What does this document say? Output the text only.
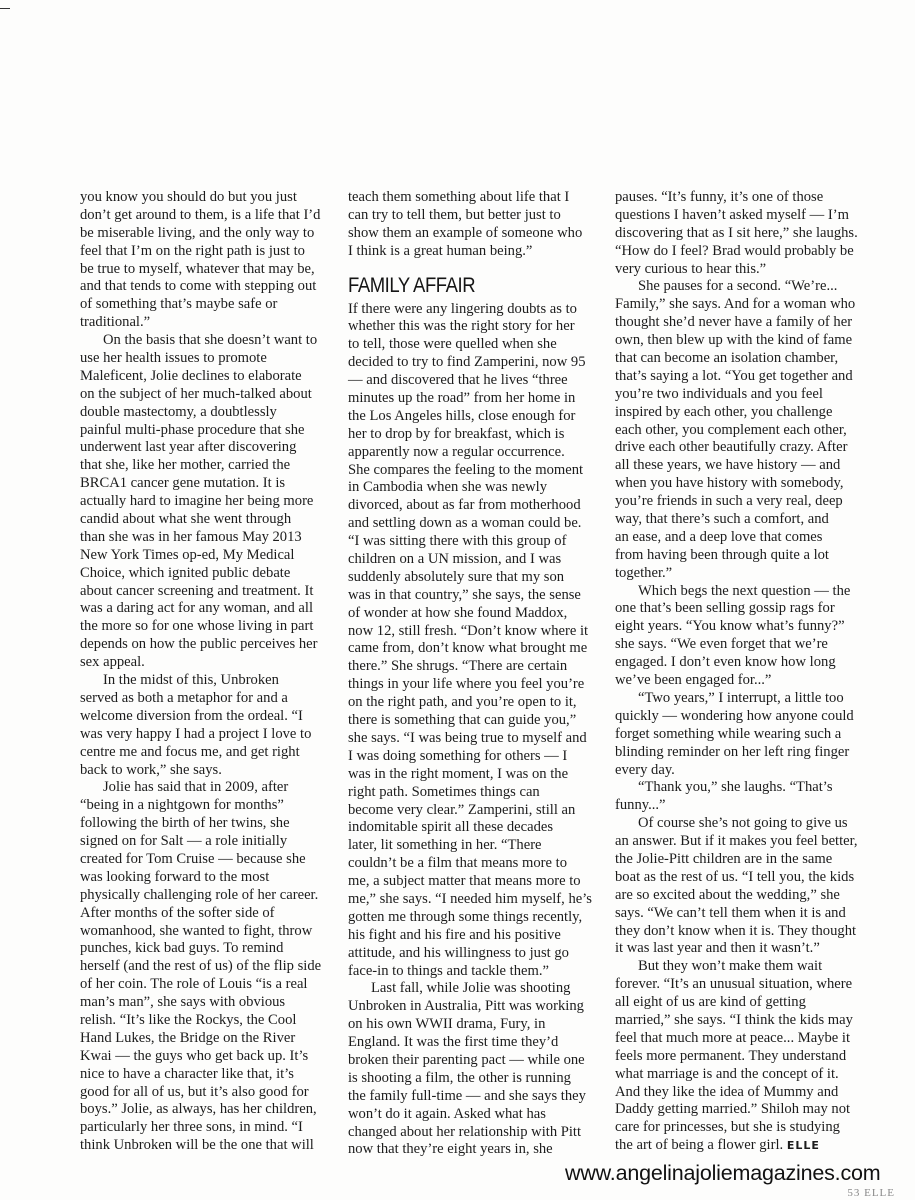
you know you should do but you just
don’t get around to them, is a life that I’d
be miserable living, and the only way to
feel that I’m on the right path is just to
be true to myself, whatever that may be,
and that tends to come with stepping out
of something that’s maybe safe or
traditional.”
On the basis that she doesn’t want to
use her health issues to promote
Maleficent, Jolie declines to elaborate
on the subject of her much-talked about
double mastectomy, a doubtlessly
painful multi-phase procedure that she
underwent last year after discovering
that she, like her mother, carried the
BRCA1 cancer gene mutation. It is
actually hard to imagine her being more
candid about what she went through
than she was in her famous May 2013
New York Times op-ed, My Medical
Choice, which ignited public debate
about cancer screening and treatment. It
was a daring act for any woman, and all
the more so for one whose living in part
depends on how the public perceives her
sex appeal.
In the midst of this, Unbroken
served as both a metaphor for and a
welcome diversion from the ordeal. “I
was very happy I had a project I love to
centre me and focus me, and get right
back to work,” she says.
Jolie has said that in 2009, after
“being in a nightgown for months”
following the birth of her twins, she
signed on for Salt — a role initially
created for Tom Cruise — because she
was looking forward to the most
physically challenging role of her career.
After months of the softer side of
womanhood, she wanted to fight, throw
punches, kick bad guys. To remind
herself (and the rest of us) of the flip side
of her coin. The role of Louis “is a real
man’s man”, she says with obvious
relish. “It’s like the Rockys, the Cool
Hand Lukes, the Bridge on the River
Kwai — the guys who get back up. It’s
nice to have a character like that, it’s
good for all of us, but it’s also good for
boys.” Jolie, as always, has her children,
particularly her three sons, in mind. “I
think Unbroken will be the one that will
teach them something about life that I
can try to tell them, but better just to
show them an example of someone who
I think is a great human being.”
FAMILY AFFAIR
If there were any lingering doubts as to
whether this was the right story for her
to tell, those were quelled when she
decided to try to find Zamperini, now 95
— and discovered that he lives “three
minutes up the road” from her home in
the Los Angeles hills, close enough for
her to drop by for breakfast, which is
apparently now a regular occurrence.
She compares the feeling to the moment
in Cambodia when she was newly
divorced, about as far from motherhood
and settling down as a woman could be.
“I was sitting there with this group of
children on a UN mission, and I was
suddenly absolutely sure that my son
was in that country,” she says, the sense
of wonder at how she found Maddox,
now 12, still fresh. “Don’t know where it
came from, don’t know what brought me
there.” She shrugs. “There are certain
things in your life where you feel you’re
on the right path, and you’re open to it,
there is something that can guide you,”
she says. “I was being true to myself and
I was doing something for others — I
was in the right moment, I was on the
right path. Sometimes things can
become very clear.” Zamperini, still an
indomitable spirit all these decades
later, lit something in her. “There
couldn’t be a film that means more to
me, a subject matter that means more to
me,” she says. “I needed him myself, he’s
gotten me through some things recently,
his fight and his fire and his positive
attitude, and his willingness to just go
face-in to things and tackle them.”
Last fall, while Jolie was shooting
Unbroken in Australia, Pitt was working
on his own WWII drama, Fury, in
England. It was the first time they’d
broken their parenting pact — while one
is shooting a film, the other is running
the family full-time — and she says they
won’t do it again. Asked what has
changed about her relationship with Pitt
now that they’re eight years in, she
pauses. “It’s funny, it’s one of those
questions I haven’t asked myself — I’m
discovering that as I sit here,” she laughs.
“How do I feel? Brad would probably be
very curious to hear this.”
She pauses for a second. “We’re...
Family,” she says. And for a woman who
thought she’d never have a family of her
own, then blew up with the kind of fame
that can become an isolation chamber,
that’s saying a lot. “You get together and
you’re two individuals and you feel
inspired by each other, you challenge
each other, you complement each other,
drive each other beautifully crazy. After
all these years, we have history — and
when you have history with somebody,
you’re friends in such a very real, deep
way, that there’s such a comfort, and
an ease, and a deep love that comes
from having been through quite a lot
together.”
Which begs the next question — the
one that’s been selling gossip rags for
eight years. “You know what’s funny?”
she says. “We even forget that we’re
engaged. I don’t even know how long
we’ve been engaged for...”
“Two years,” I interrupt, a little too
quickly — wondering how anyone could
forget something while wearing such a
blinding reminder on her left ring finger
every day.
“Thank you,” she laughs. “That’s
funny...”
Of course she’s not going to give us
an answer. But if it makes you feel better,
the Jolie-Pitt children are in the same
boat as the rest of us. “I tell you, the kids
are so excited about the wedding,” she
says. “We can’t tell them when it is and
they don’t know when it is. They thought
it was last year and then it wasn’t.”
But they won’t make them wait
forever. “It’s an unusual situation, where
all eight of us are kind of getting
married,” she says. “I think the kids may
feel that much more at peace... Maybe it
feels more permanent. They understand
what marriage is and the concept of it.
And they like the idea of Mummy and
Daddy getting married.” Shiloh may not
care for princesses, but she is studying
the art of being a flower girl. ELLE
www.angelinajoliemagazines.com
53 ELLE
